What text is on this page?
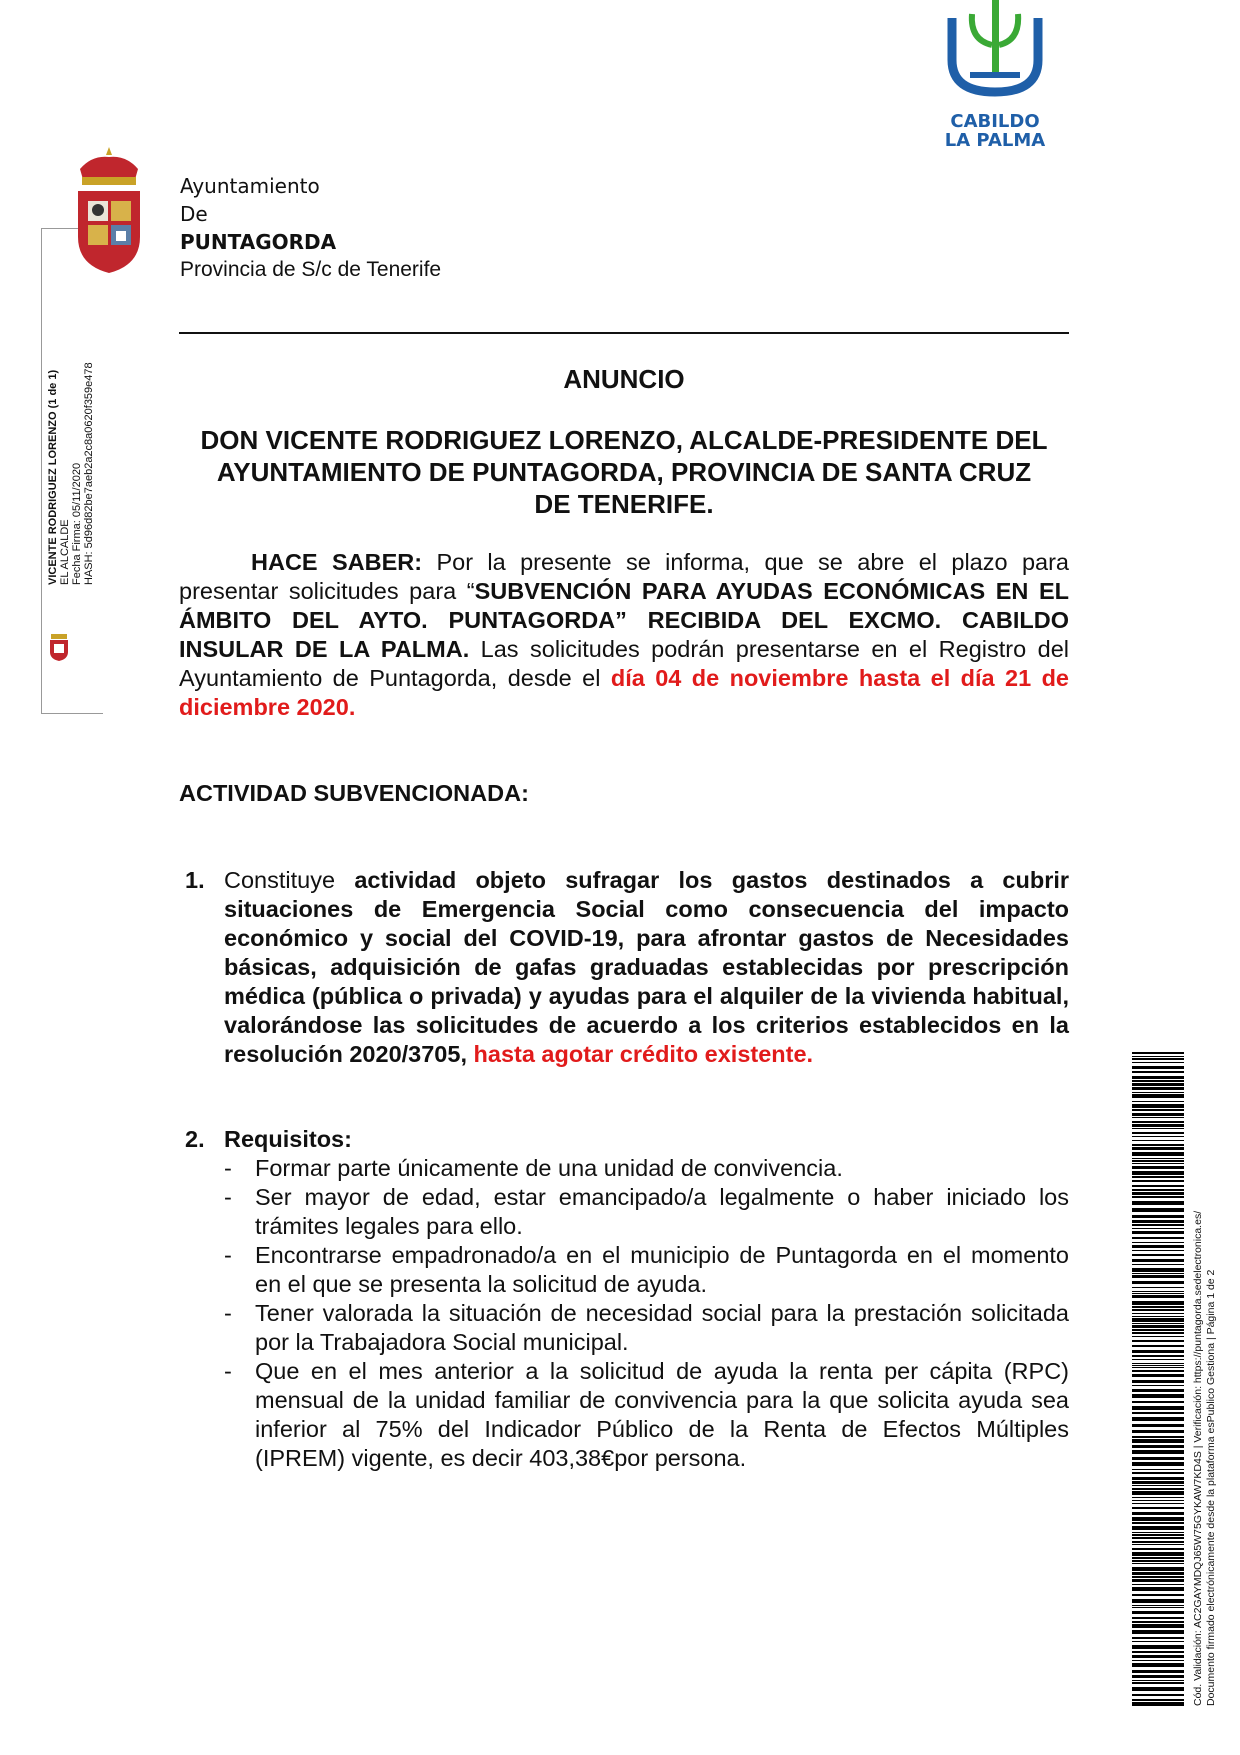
CABILDO
LA PALMA
VICENTE RODRIGUEZ LORENZO (1 de 1) EL ALCALDE Fecha Firma: 05/11/2020 HASH: 5d96d82be7aeb2a2c8a0620f359e478
Ayuntamiento
De
PUNTAGORDA
Provincia de S/c de Tenerife
ANUNCIO
DON VICENTE RODRIGUEZ LORENZO, ALCALDE-PRESIDENTE DEL
AYUNTAMIENTO DE PUNTAGORDA, PROVINCIA DE SANTA CRUZ
DE TENERIFE.
HACE SABER: Por la presente se informa, que se abre el plazo para presentar solicitudes para “SUBVENCIÓN PARA AYUDAS ECONÓMICAS EN EL ÁMBITO DEL AYTO. PUNTAGORDA” RECIBIDA DEL EXCMO. CABILDO INSULAR DE LA PALMA. Las solicitudes podrán presentarse en el Registro del Ayuntamiento de Puntagorda, desde el día 04 de noviembre hasta el día 21 de diciembre 2020.
ACTIVIDAD SUBVENCIONADA:
1. Constituye actividad objeto sufragar los gastos destinados a cubrir situaciones de Emergencia Social como consecuencia del impacto económico y social del COVID-19, para afrontar gastos de Necesidades básicas, adquisición de gafas graduadas establecidas por prescripción médica (pública o privada) y ayudas para el alquiler de la vivienda habitual, valorándose las solicitudes de acuerdo a los criterios establecidos en la resolución 2020/3705, hasta agotar crédito existente.
2. Requisitos:
- Formar parte únicamente de una unidad de convivencia.
- Ser mayor de edad, estar emancipado/a legalmente o haber iniciado los trámites legales para ello.
- Encontrarse empadronado/a en el municipio de Puntagorda en el momento en el que se presenta la solicitud de ayuda.
- Tener valorada la situación de necesidad social para la prestación solicitada por la Trabajadora Social municipal.
- Que en el mes anterior a la solicitud de ayuda la renta per cápita (RPC) mensual de la unidad familiar de convivencia para la que solicita ayuda sea inferior al 75% del Indicador Público de la Renta de Efectos Múltiples (IPREM) vigente, es decir 403,38€por persona.	Cód. Validación: AC2GAYMDQJ65W75GYKAW7KD4S | Verificación: https://puntagorda.sedelectronica.es/ Documento firmado electrónicamente desde la plataforma esPublico Gestiona | Página 1 de 2
